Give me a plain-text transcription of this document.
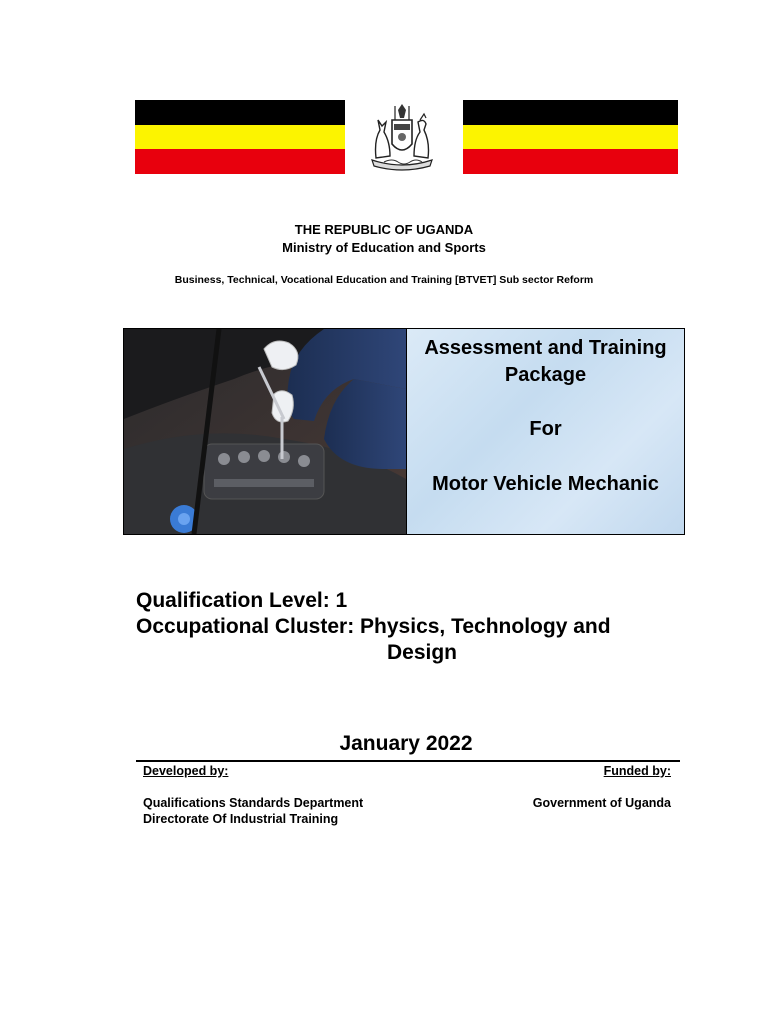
THE REPUBLIC OF UGANDA
Ministry of Education and Sports
Business, Technical, Vocational Education and Training [BTVET] Sub sector Reform
Assessment and Training
Package
For
Motor Vehicle Mechanic
Qualification Level: 1
Occupational Cluster: Physics, Technology and
Design
January 2022
Developed by:	Funded by:
Qualifications Standards Department
Directorate Of Industrial Training
Government of Uganda
